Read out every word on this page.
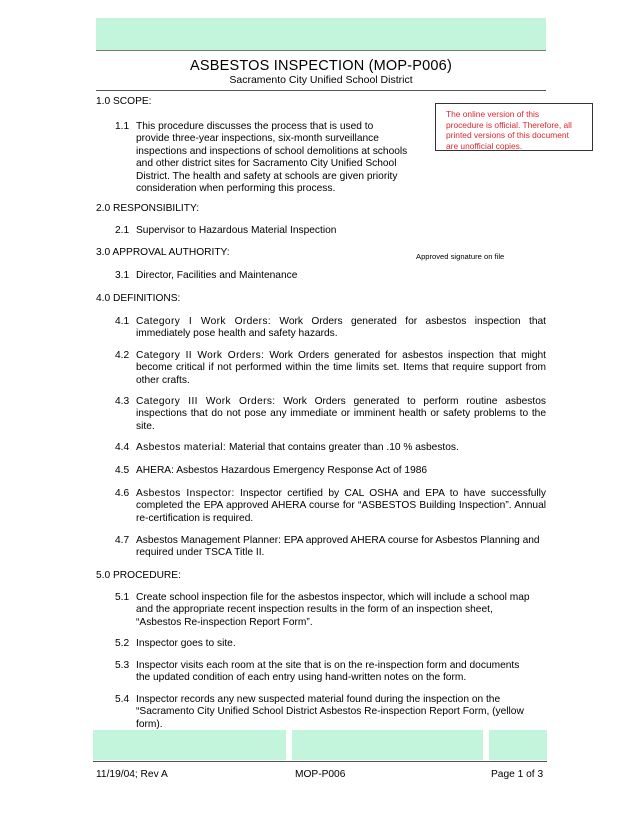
ASBESTOS INSPECTION (MOP-P006)
Sacramento City Unified School District
The online version of this
procedure is official. Therefore, all
printed versions of this document
are unofficial copies.
1.0 SCOPE:
1.1 This procedure discusses the process that is used to
provide three-year inspections, six-month surveillance
inspections and inspections of school demolitions at schools
and other district sites for Sacramento City Unified School
District. The health and safety at schools are given priority
consideration when performing this process.
2.0 RESPONSIBILITY:
2.1 Supervisor to Hazardous Material Inspection
3.0 APPROVAL AUTHORITY:	Approved signature on file
3.1 Director, Facilities and Maintenance
4.0 DEFINITIONS:
4.1 Category I Work Orders: Work Orders generated for asbestos inspection that immediately pose health and safety hazards.
4.2 Category II Work Orders: Work Orders generated for asbestos inspection that might become critical if not performed within the time limits set. Items that require support from other crafts.
4.3 Category III Work Orders: Work Orders generated to perform routine asbestos inspections that do not pose any immediate or imminent health or safety problems to the site.
4.4 Asbestos material: Material that contains greater than .10 % asbestos.
4.5 AHERA: Asbestos Hazardous Emergency Response Act of 1986
4.6 Asbestos Inspector: Inspector certified by CAL OSHA and EPA to have successfully completed the EPA approved AHERA course for “ASBESTOS Building Inspection”. Annual re-certification is required.
4.7 Asbestos Management Planner: EPA approved AHERA course for Asbestos Planning and required under TSCA Title II.
5.0 PROCEDURE:
5.1 Create school inspection file for the asbestos inspector, which will include a school map
and the appropriate recent inspection results in the form of an inspection sheet,
“Asbestos Re-inspection Report Form”.
5.2 Inspector goes to site.
5.3 Inspector visits each room at the site that is on the re-inspection form and documents
the updated condition of each entry using hand-written notes on the form.
5.4 Inspector records any new suspected material found during the inspection on the
“Sacramento City Unified School District Asbestos Re-inspection Report Form, (yellow
form).
11/19/04; Rev A	MOP-P006	Page 1 of 3
